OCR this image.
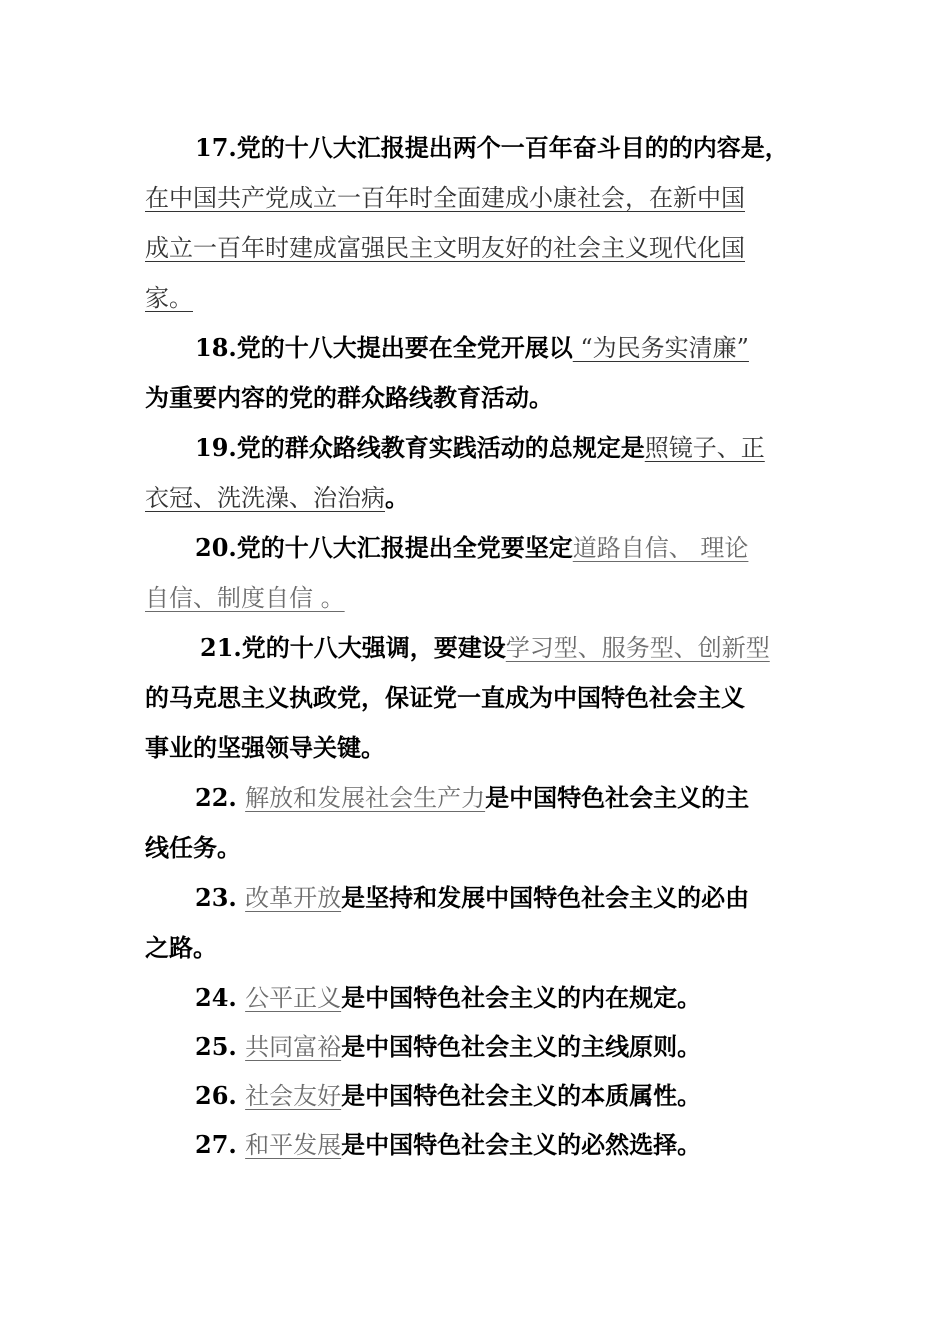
17.党的十八大汇报提出两个一百年奋斗目的的内容是，
在中国共产党成立一百年时全面建成小康社会，在新中国
成立一百年时建成富强民主文明友好的社会主义现代化国
家。
18.党的十八大提出要在全党开展以 “为民务实清廉”
为重要内容的党的群众路线教育活动。
19.党的群众路线教育实践活动的总规定是照镜子、正
衣冠、洗洗澡、治治病。
20.党的十八大汇报提出全党要坚定道路自信、 理论
自信、制度自信 。
21.党的十八大强调，要建设学习型、服务型、创新型
的马克思主义执政党，保证党一直成为中国特色社会主义
事业的坚强领导关键。
22. 解放和发展社会生产力是中国特色社会主义的主
线任务。
23. 改革开放是坚持和发展中国特色社会主义的必由
之路。
24. 公平正义是中国特色社会主义的内在规定。
25. 共同富裕是中国特色社会主义的主线原则。
26. 社会友好是中国特色社会主义的本质属性。
27. 和平发展是中国特色社会主义的必然选择。
